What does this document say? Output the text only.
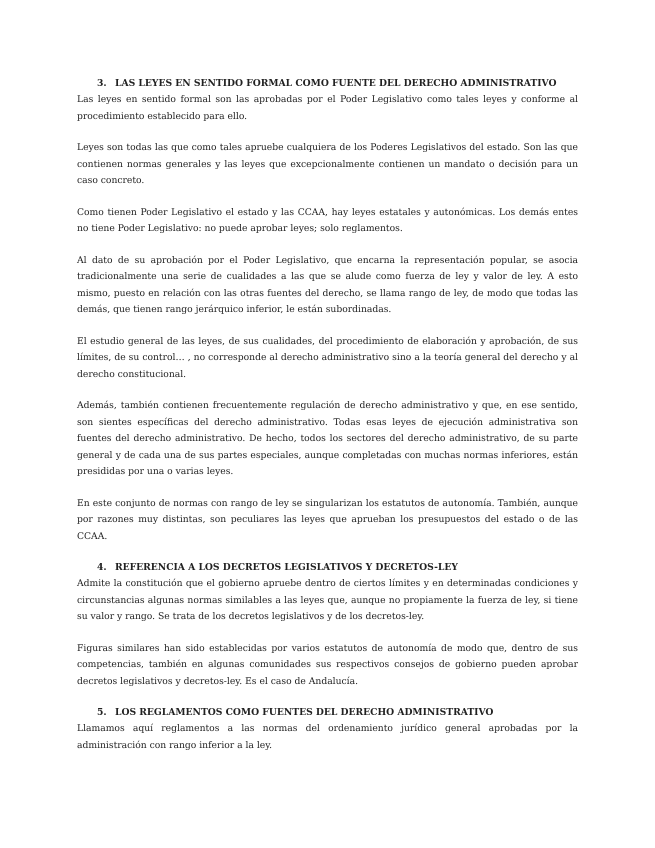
3. LAS LEYES EN SENTIDO FORMAL COMO FUENTE DEL DERECHO ADMINISTRATIVO

Las leyes en sentido formal son las aprobadas por el Poder Legislativo como tales leyes y conforme al procedimiento establecido para ello.

Leyes son todas las que como tales apruebe cualquiera de los Poderes Legislativos del estado. Son las que contienen normas generales y las leyes que excepcionalmente contienen un mandato o decisión para un caso concreto.

Como tienen Poder Legislativo el estado y las CCAA, hay leyes estatales y autonómicas. Los demás entes no tiene Poder Legislativo: no puede aprobar leyes; solo reglamentos.

Al dato de su aprobación por el Poder Legislativo, que encarna la representación popular, se asocia tradicionalmente una serie de cualidades a las que se alude como fuerza de ley y valor de ley. A esto mismo, puesto en relación con las otras fuentes del derecho, se llama rango de ley, de modo que todas las demás, que tienen rango jerárquico inferior, le están subordinadas.

El estudio general de las leyes, de sus cualidades, del procedimiento de elaboración y aprobación, de sus límites, de su control… , no corresponde al derecho administrativo sino a la teoría general del derecho y al derecho constitucional.

Además, también contienen frecuentemente regulación de derecho administrativo y que, en ese sentido, son sientes específicas del derecho administrativo. Todas esas leyes de ejecución administrativa son fuentes del derecho administrativo. De hecho, todos los sectores del derecho administrativo, de su parte general y de cada una de sus partes especiales, aunque completadas con muchas normas inferiores, están presididas por una o varias leyes.

En este conjunto de normas con rango de ley se singularizan los estatutos de autonomía. También, aunque por razones muy distintas, son peculiares las leyes que aprueban los presupuestos del estado o de las CCAA.

4. REFERENCIA A LOS DECRETOS LEGISLATIVOS Y DECRETOS-LEY

Admite la constitución que el gobierno apruebe dentro de ciertos límites y en determinadas condiciones y circunstancias algunas normas similables a las leyes que, aunque no propiamente la fuerza de ley, si tiene su valor y rango. Se trata de los decretos legislativos y de los decretos-ley.

Figuras similares han sido establecidas por varios estatutos de autonomía de modo que, dentro de sus competencias, también en algunas comunidades sus respectivos consejos de gobierno pueden aprobar decretos legislativos y decretos-ley. Es el caso de Andalucía.

5. LOS REGLAMENTOS COMO FUENTES DEL DERECHO ADMINISTRATIVO

Llamamos aquí reglamentos a las normas del ordenamiento jurídico general aprobadas por la administración con rango inferior a la ley.
